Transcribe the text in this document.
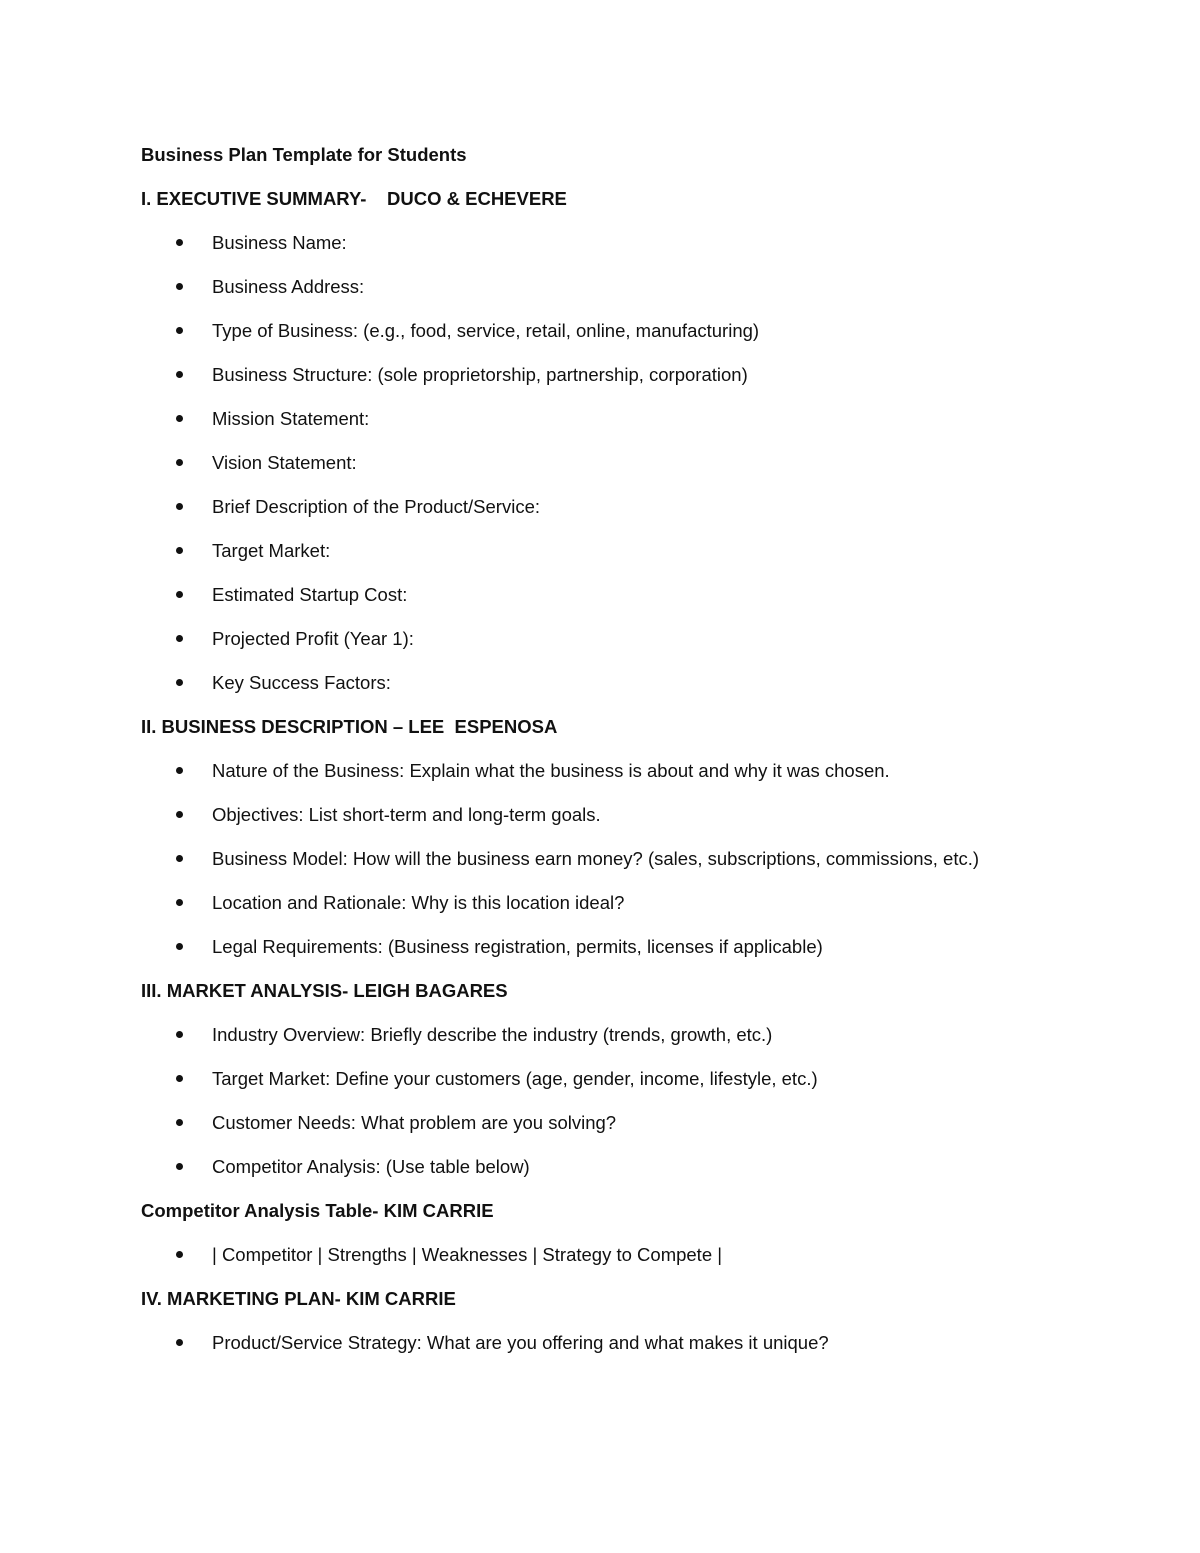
Business Plan Template for Students

I. EXECUTIVE SUMMARY-    DUCO & ECHEVERE

Business Name:
Business Address:
Type of Business: (e.g., food, service, retail, online, manufacturing)
Business Structure: (sole proprietorship, partnership, corporation)
Mission Statement:
Vision Statement:
Brief Description of the Product/Service:
Target Market:
Estimated Startup Cost:
Projected Profit (Year 1):
Key Success Factors:

II. BUSINESS DESCRIPTION – LEE  ESPENOSA

Nature of the Business: Explain what the business is about and why it was chosen.
Objectives: List short-term and long-term goals.
Business Model: How will the business earn money? (sales, subscriptions, commissions, etc.)
Location and Rationale: Why is this location ideal?
Legal Requirements: (Business registration, permits, licenses if applicable)

III. MARKET ANALYSIS- LEIGH BAGARES

Industry Overview: Briefly describe the industry (trends, growth, etc.)
Target Market: Define your customers (age, gender, income, lifestyle, etc.)
Customer Needs: What problem are you solving?
Competitor Analysis: (Use table below)

Competitor Analysis Table- KIM CARRIE

| Competitor | Strengths | Weaknesses | Strategy to Compete |

IV. MARKETING PLAN- KIM CARRIE

Product/Service Strategy: What are you offering and what makes it unique?
